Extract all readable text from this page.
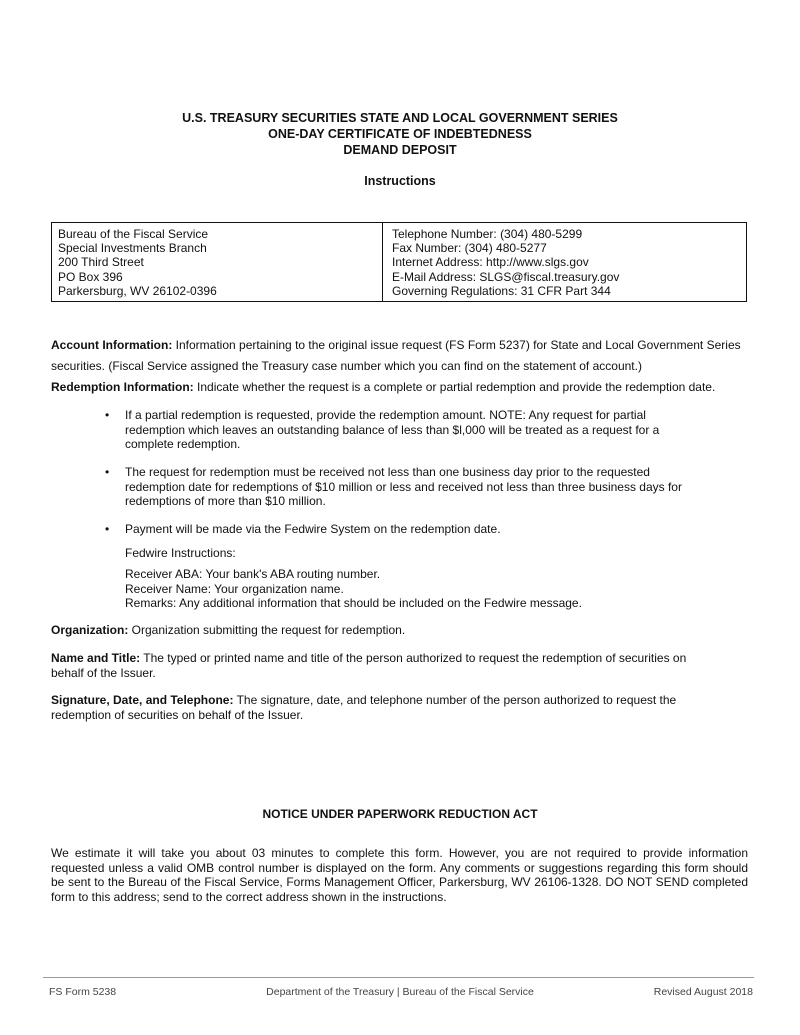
U.S. TREASURY SECURITIES STATE AND LOCAL GOVERNMENT SERIES
ONE-DAY CERTIFICATE OF INDEBTEDNESS
DEMAND DEPOSIT
Instructions
Bureau of the Fiscal Service
Special Investments Branch
200 Third Street
PO Box 396
Parkersburg, WV 26102-0396
Telephone Number: (304) 480-5299
Fax Number: (304) 480-5277
Internet Address: http://www.slgs.gov
E-Mail Address: SLGS@fiscal.treasury.gov
Governing Regulations: 31 CFR Part 344
Account Information: Information pertaining to the original issue request (FS Form 5237) for State and Local Government Series
securities. (Fiscal Service assigned the Treasury case number which you can find on the statement of account.)
Redemption Information: Indicate whether the request is a complete or partial redemption and provide the redemption date.
• If a partial redemption is requested, provide the redemption amount. NOTE: Any request for partial redemption which leaves an outstanding balance of less than $l,000 will be treated as a request for a complete redemption.
• The request for redemption must be received not less than one business day prior to the requested redemption date for redemptions of $10 million or less and received not less than three business days for redemptions of more than $10 million.
• Payment will be made via the Fedwire System on the redemption date.
Fedwire Instructions:
Receiver ABA: Your bank's ABA routing number.
Receiver Name: Your organization name.
Remarks: Any additional information that should be included on the Fedwire message.
Organization: Organization submitting the request for redemption.
Name and Title: The typed or printed name and title of the person authorized to request the redemption of securities on behalf of the Issuer.
Signature, Date, and Telephone: The signature, date, and telephone number of the person authorized to request the redemption of securities on behalf of the Issuer.
NOTICE UNDER PAPERWORK REDUCTION ACT
We estimate it will take you about 03 minutes to complete this form. However, you are not required to provide information requested unless a valid OMB control number is displayed on the form. Any comments or suggestions regarding this form should be sent to the Bureau of the Fiscal Service, Forms Management Officer, Parkersburg, WV 26106-1328. DO NOT SEND completed form to this address; send to the correct address shown in the instructions.
FS Form 5238	Department of the Treasury | Bureau of the Fiscal Service	Revised August 2018
